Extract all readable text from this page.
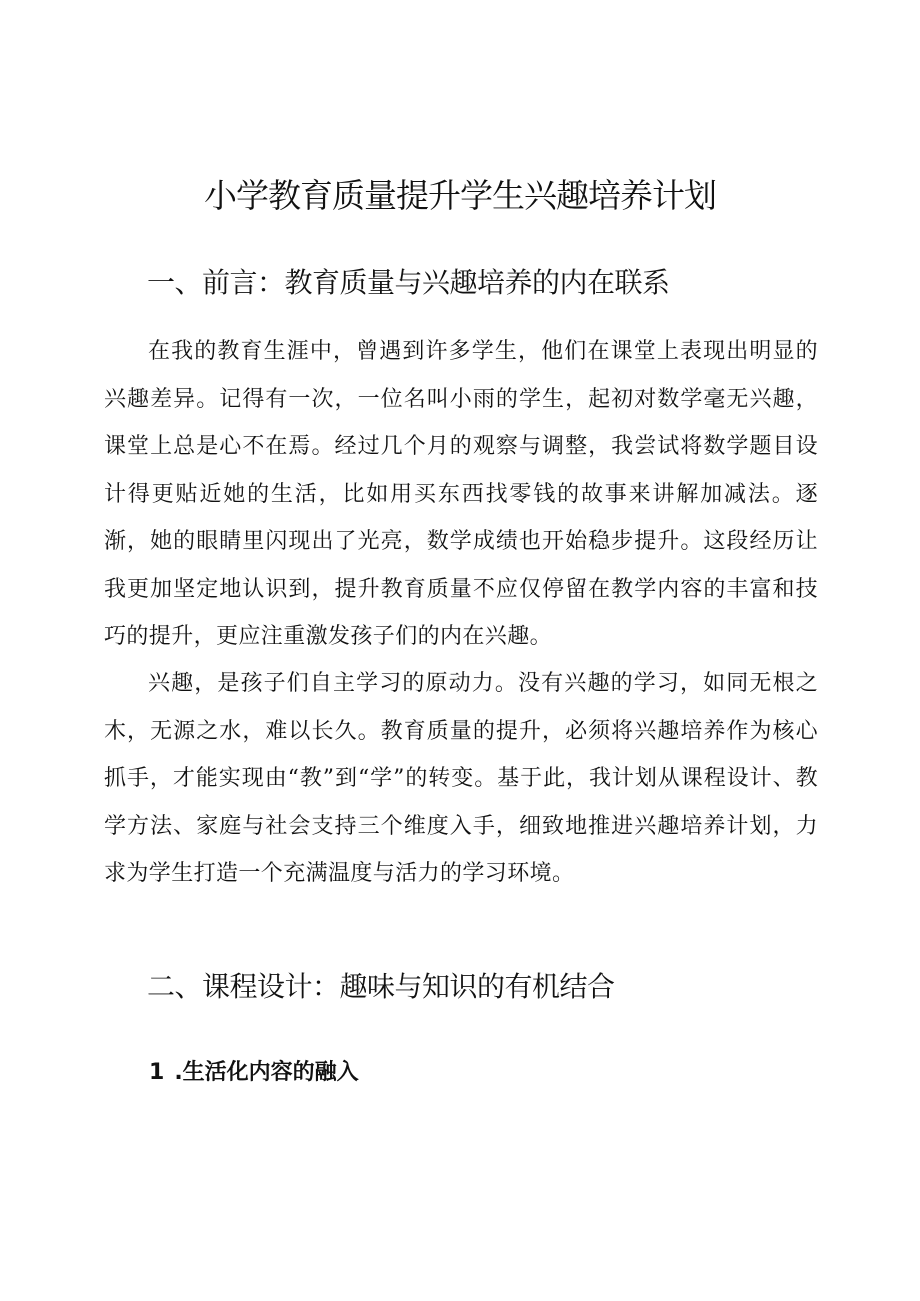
小学教育质量提升学生兴趣培养计划
一、前言：教育质量与兴趣培养的内在联系

在我的教育生涯中，曾遇到许多学生，他们在课堂上表现出明显的兴趣差异。记得有一次，一位名叫小雨的学生，起初对数学毫无兴趣，课堂上总是心不在焉。经过几个月的观察与调整，我尝试将数学题目设计得更贴近她的生活，比如用买东西找零钱的故事来讲解加减法。逐渐，她的眼睛里闪现出了光亮，数学成绩也开始稳步提升。这段经历让我更加坚定地认识到，提升教育质量不应仅停留在教学内容的丰富和技巧的提升，更应注重激发孩子们的内在兴趣。

兴趣，是孩子们自主学习的原动力。没有兴趣的学习，如同无根之木，无源之水，难以长久。教育质量的提升，必须将兴趣培养作为核心抓手，才能实现由“教”到“学”的转变。基于此，我计划从课程设计、教学方法、家庭与社会支持三个维度入手，细致地推进兴趣培养计划，力求为学生打造一个充满温度与活力的学习环境。

二、课程设计：趣味与知识的有机结合
1 .生活化内容的融入
